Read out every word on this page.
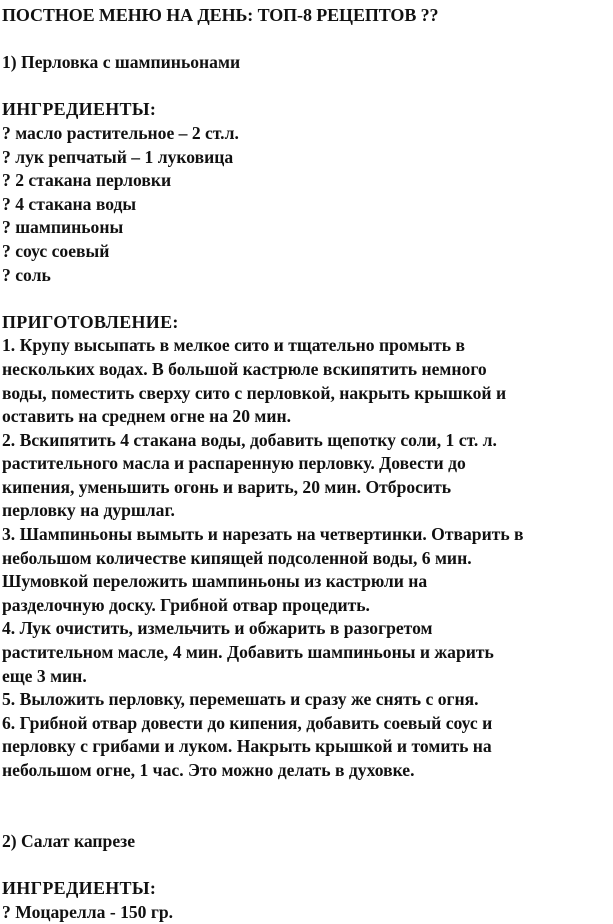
ПОСТНОЕ МЕНЮ НА ДЕНЬ: ТОП-8 РЕЦЕПТОВ ??
1) Перловка с шампиньонами
ИНГРЕДИЕНТЫ:
? масло растительное – 2 ст.л.
? лук репчатый – 1 луковица
? 2 стакана перловки
? 4 стакана воды
? шампиньоны
? соус соевый
? соль
ПРИГОТОВЛЕНИЕ:
1. Крупу высыпать в мелкое сито и тщательно промыть в
нескольких водах. В большой кастрюле вскипятить немного
воды, поместить сверху сито с перловкой, накрыть крышкой и
оставить на среднем огне на 20 мин.
2. Вскипятить 4 стакана воды, добавить щепотку соли, 1 ст. л.
растительного масла и распаренную перловку. Довести до
кипения, уменьшить огонь и варить, 20 мин. Отбросить
перловку на дуршлаг.
3. Шампиньоны вымыть и нарезать на четвертинки. Отварить в
небольшом количестве кипящей подсоленной воды, 6 мин.
Шумовкой переложить шампиньоны из кастрюли на
разделочную доску. Грибной отвар процедить.
4. Лук очистить, измельчить и обжарить в разогретом
растительном масле, 4 мин. Добавить шампиньоны и жарить
еще 3 мин.
5. Выложить перловку, перемешать и сразу же снять с огня.
6. Грибной отвар довести до кипения, добавить соевый соус и
перловку с грибами и луком. Накрыть крышкой и томить на
небольшом огне, 1 час. Это можно делать в духовке.
2) Салат капрезе
ИНГРЕДИЕНТЫ:
? Моцарелла - 150 гр.
